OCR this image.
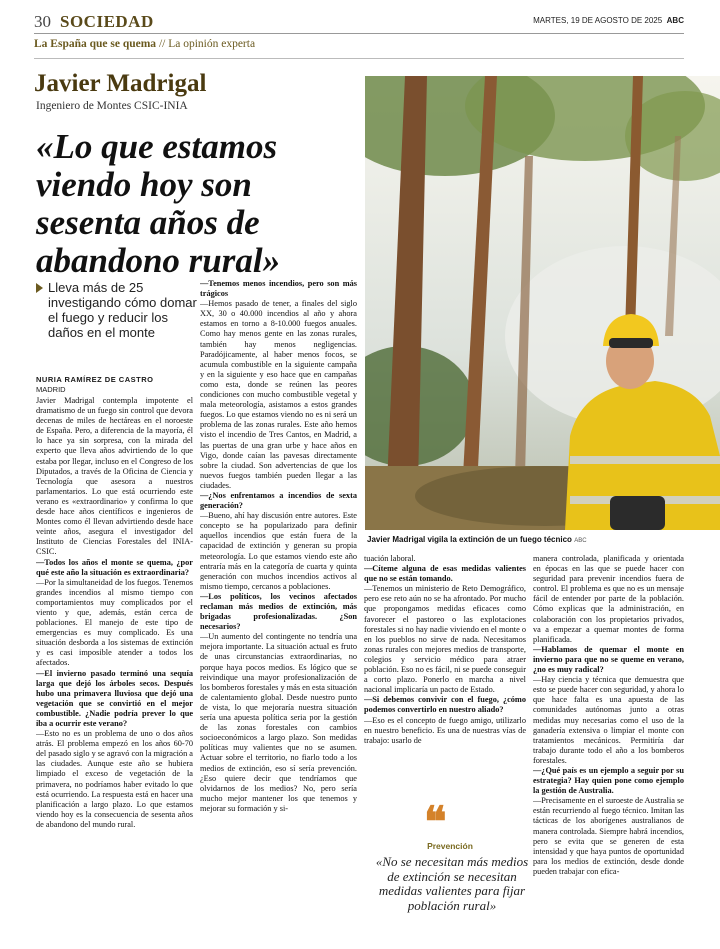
30 SOCIEDAD	MARTES, 19 DE AGOSTO DE 2025 ABC
La España que se quema // La opinión experta
Javier Madrigal
Ingeniero de Montes CSIC-INIA
«Lo que estamos viendo hoy son sesenta años de abandono rural»
Lleva más de 25 investigando cómo domar el fuego y reducir los daños en el monte
NURIA RAMÍREZ DE CASTRO
MADRID

Javier Madrigal contempla impotente el dramatismo de un fuego sin control que devora decenas de miles de hectáreas en el noroeste de España. Pero, a diferencia de la mayoría, él lo hace ya sin sorpresa, con la mirada del experto que lleva años advirtiendo de lo que estaba por llegar, incluso en el Congreso de los Diputados, a través de la Oficina de Ciencia y Tecnología que asesora a nuestros parlamentarios. Lo que está ocurriendo este verano es «extraordinario» y confirma lo que desde hace años científicos e ingenieros de Montes como él llevan advirtiendo desde hace veinte años, asegura el investigador del Instituto de Ciencias Forestales del INIA-CSIC.

—Todos los años el monte se quema, ¿por qué este año la situación es extraordinaria?

—Por la simultaneidad de los fuegos. Tenemos grandes incendios al mismo tiempo con comportamientos muy complicados por el viento y que, además, están cerca de poblaciones. El manejo de este tipo de emergencias es muy complicado. Es una situación desborda a los sistemas de extinción y es casi imposible atender a todos los afectados.

—El invierno pasado terminó una sequía larga que dejó los árboles secos. Después hubo una primavera lluviosa que dejó una vegetación que se convirtió en el mejor combustible. ¿Nadie podría prever lo que iba a ocurrir este verano?

—Esto no es un problema de uno o dos años atrás. El problema empezó en los años 60-70 del pasado siglo y se agravó con la migración a las ciudades. Aunque este año se hubiera limpiado el exceso de vegetación de la primavera, no podríamos haber evitado lo que está ocurriendo. La respuesta está en hacer una planificación a largo plazo. Lo que estamos viendo hoy es la consecuencia de sesenta años de abandono del mundo rural.

—Tenemos menos incendios, pero son más trágicos

—Hemos pasado de tener, a finales del siglo XX, 30 o 40.000 incendios al año y ahora estamos en torno a 8-10.000 fuegos anuales. Como hay menos gente en las zonas rurales, también hay menos negligencias. Paradójicamente, al haber menos focos, se acumula combustible en la siguiente campaña y en la siguiente y eso hace que en campañas como esta, donde se reúnen las peores condiciones con mucho combustible vegetal y mala meteorología, asistamos a estos grandes fuegos. Lo que estamos viendo no es ni será un problema de las zonas rurales. Este año hemos visto el incendio de Tres Cantos, en Madrid, a las puertas de una gran urbe y hace años en Vigo, donde caían las pavesas directamente sobre la ciudad. Son advertencias de que los nuevos fuegos también pueden llegar a las ciudades.

—¿Nos enfrentamos a incendios de sexta generación?

—Bueno, ahí hay discusión entre autores. Este concepto se ha popularizado para definir aquellos incendios que están fuera de la capacidad de extinción y generan su propia meteorología. Lo que estamos viendo este año entraría más en la categoría de cuarta y quinta generación con muchos incendios activos al mismo tiempo, cercanos a poblaciones.

—Los políticos, los vecinos afectados reclaman más medios de extinción, más brigadas profesionalizadas. ¿Son necesarios?

—Un aumento del contingente no tendría una mejora importante. La situación actual es fruto de unas circunstancias extraordinarias, no porque haya pocos medios. Es lógico que se reivindique una mayor profesionalización de los bomberos forestales y más en esta situación de calentamiento global. Desde nuestro punto de vista, lo que mejoraría nuestra situación sería una apuesta política seria por la gestión de las zonas forestales con cambios socioeconómicos a largo plazo. Son medidas políticas muy valientes que no se asumen. Actuar sobre el territorio, no fiarlo todo a los medios de extinción, eso sí sería prevención. ¿Eso quiere decir que tendríamos que olvidarnos de los medios? No, pero sería mucho mejor mantener los que tenemos y mejorar su formación y si-

tuación laboral.

—Cíteme alguna de esas medidas valientes que no se están tomando.

—Tenemos un ministerio de Reto Demográfico, pero ese reto aún no se ha afrontado. Por mucho que propongamos medidas eficaces como favorecer el pastoreo o las explotaciones forestales si no hay nadie viviendo en el monte o en los pueblos no sirve de nada. Necesitamos zonas rurales con mejores medios de transporte, colegios y servicio médico para atraer población. Eso no es fácil, ni se puede conseguir a corto plazo. Ponerlo en marcha a nivel nacional implicaría un pacto de Estado.

—Si debemos convivir con el fuego, ¿cómo podemos convertirlo en nuestro aliado?

—Eso es el concepto de fuego amigo, utilizarlo en nuestro beneficio. Es una de nuestras vías de trabajo: usarlo de

manera controlada, planificada y orientada en épocas en las que se puede hacer con seguridad para prevenir incendios fuera de control. El problema es que no es un mensaje fácil de entender por parte de la población. Cómo explicas que la administración, en colaboración con los propietarios privados, va a empezar a quemar montes de forma planificada.

—Hablamos de quemar el monte en invierno para que no se queme en verano, ¿no es muy radical?

—Hay ciencia y técnica que demuestra que esto se puede hacer con seguridad, y ahora lo que hace falta es una apuesta de las comunidades autónomas junto a otras medidas muy necesarias como el uso de la ganadería extensiva o limpiar el monte con tratamientos mecánicos. Permitiría dar trabajo durante todo el año a los bomberos forestales.

—¿Qué país es un ejemplo a seguir por su estrategia? Hay quien pone como ejemplo la gestión de Australia.

—Precisamente en el suroeste de Australia se están recurriendo al fuego técnico. Imitan las tácticas de los aborígenes australianos de manera controlada. Siempre habrá incendios, pero se evita que se generen de esta intensidad y que haya puntos de oportunidad para los medios de extinción, desde donde pueden trabajar con efica-

Javier Madrigal vigila la extinción de un fuego técnico ABC
❝
Prevención
«No se necesitan más medios de extinción se necesitan medidas valientes para fijar población rural»
